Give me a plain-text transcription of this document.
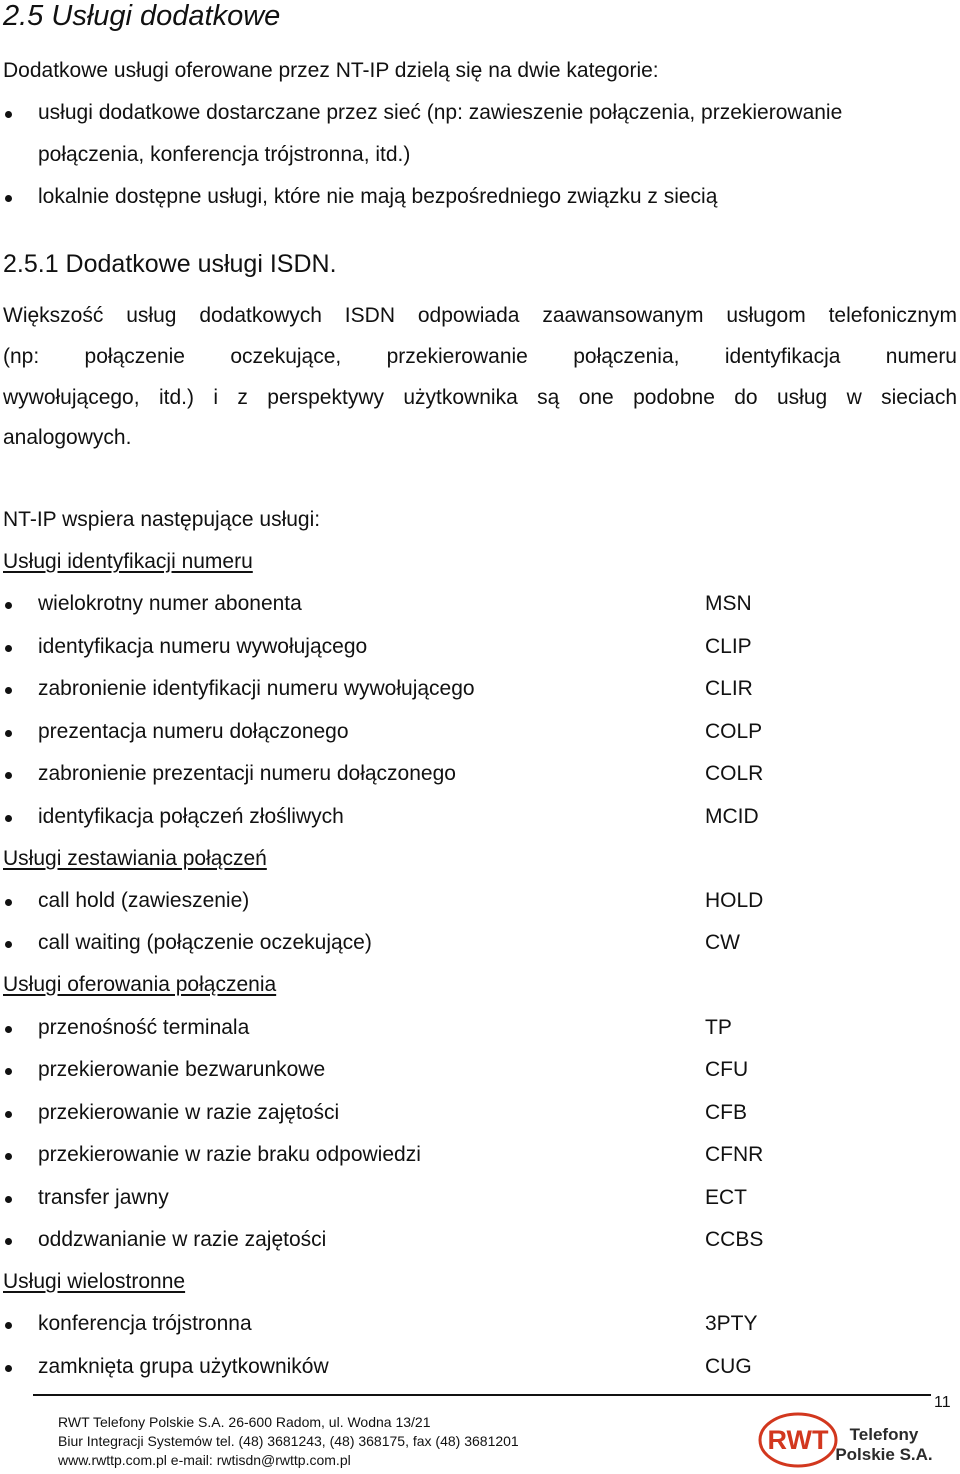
2.5 Usługi dodatkowe
Dodatkowe usługi oferowane przez NT-IP dzielą się na dwie kategorie:
usługi dodatkowe dostarczane przez sieć (np: zawieszenie połączenia, przekierowanie
połączenia, konferencja trójstronna, itd.)
lokalnie dostępne usługi, które nie mają bezpośredniego związku z siecią
2.5.1 Dodatkowe usługi ISDN.
Większość usług dodatkowych ISDN odpowiada zaawansowanym usługom telefonicznym
(np: połączenie oczekujące, przekierowanie połączenia, identyfikacja numeru
wywołującego, itd.) i z perspektywy użytkownika są one podobne do usług w sieciach
analogowych.
NT-IP wspiera następujące usługi:
Usługi identyfikacji numeru
wielokrotny numer abonenta	MSN
identyfikacja numeru wywołującego	CLIP
zabronienie identyfikacji numeru wywołującego	CLIR
prezentacja numeru dołączonego	COLP
zabronienie prezentacji numeru dołączonego	COLR
identyfikacja połączeń złośliwych	MCID
Usługi zestawiania połączeń
call hold (zawieszenie)	HOLD
call waiting (połączenie oczekujące)	CW
Usługi oferowania połączenia
przenośność terminala	TP
przekierowanie bezwarunkowe	CFU
przekierowanie w razie zajętości	CFB
przekierowanie w razie braku odpowiedzi	CFNR
transfer jawny	ECT
oddzwanianie w razie zajętości	CCBS
Usługi wielostronne
konferencja trójstronna	3PTY
zamknięta grupa użytkowników	CUG
11
RWT Telefony Polskie S.A. 26-600 Radom, ul. Wodna 13/21
Biur Integracji Systemów tel. (48) 3681243, (48) 368175, fax (48) 3681201
www.rwttp.com.pl e-mail: rwtisdn@rwttp.com.pl
RWT Telefony
Polskie S.A.
